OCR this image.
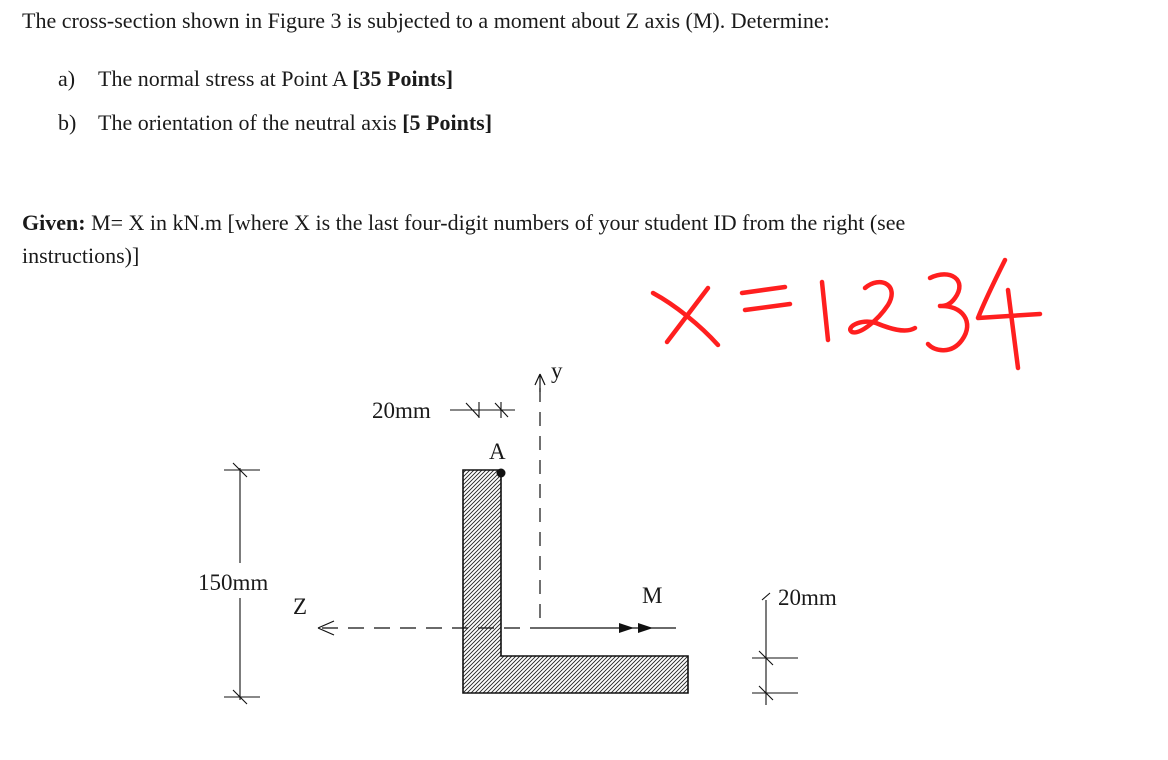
The cross-section shown in Figure 3 is subjected to a moment about Z axis (M). Determine:
a) The normal stress at Point A [35 Points]
b) The orientation of the neutral axis [5 Points]
Given: M= X in kN.m [where X is the last four-digit numbers of your student ID from the right (see
instructions)]
A
y
Z	M
20mm
150mm
20mm
